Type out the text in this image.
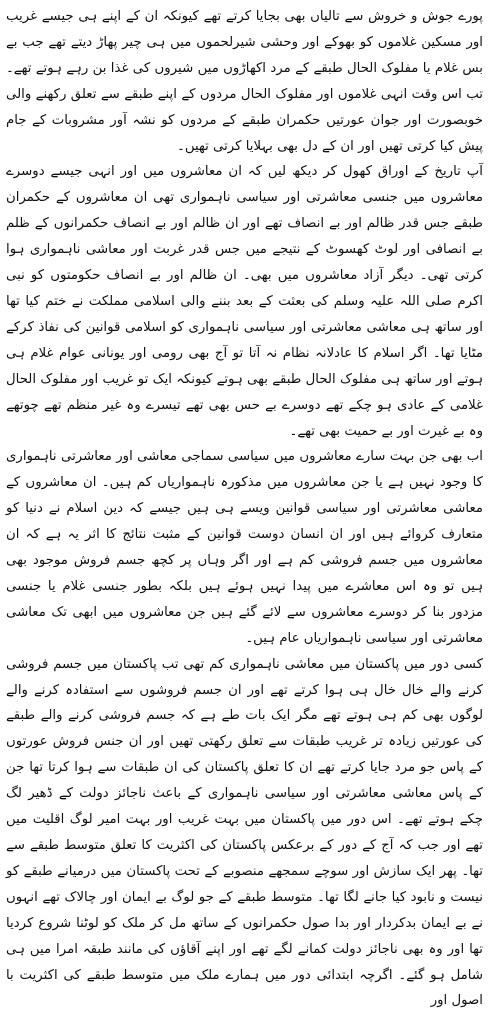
پورے جوش و خروش سے تالیاں بھی بجایا کرتے تھے کیونکہ ان کے اپنے ہی جیسے غریب اور مسکین غلاموں کو بھوکے اور وحشی شیرلحموں میں ہی چیر پھاڑ دیتے تھے جب بے بس غلام یا مفلوک الحال طبقے کے مرد اکھاڑوں میں شیروں کی غذا بن رہے ہوتے تھے۔ تب اس وقت انہی غلاموں اور مفلوک الحال مردوں کے اپنے طبقے سے تعلق رکھنے والی خوبصورت اور جوان عورتیں حکمران طبقے کے مردوں کو نشہ آور مشروبات کے جام پیش کیا کرتی تھیں اور ان کے دل بھی بہلایا کرتی تھیں۔

آپ تاریخ کے اوراق کھول کر دیکھ لیں کہ ان معاشروں میں اور انہی جیسے دوسرے معاشروں میں جنسی معاشرتی اور سیاسی ناہمواری تھی ان معاشروں کے حکمران طبقے جس قدر ظالم اور بے انصاف تھے اور ان ظالم اور بے انصاف حکمرانوں کے ظلم بے انصافی اور لوٹ کھسوٹ کے نتیجے میں جس قدر غربت اور معاشی ناہمواری ہوا کرتی تھی۔ دیگر آزاد معاشروں میں بھی۔ ان ظالم اور بے انصاف حکومتوں کو نبی اکرم صلی اللہ علیہ وسلم کی بعثت کے بعد بننے والی اسلامی مملکت نے ختم کیا تھا اور ساتھ ہی معاشی معاشرتی اور سیاسی ناہمواری کو اسلامی قوانین کی نفاذ کرکے مٹایا تھا۔ اگر اسلام کا عادلانہ نظام نہ آتا تو آج بھی رومی اور یونانی عوام غلام ہی ہوتے اور ساتھ ہی مفلوک الحال طبقے بھی ہوتے کیونکہ ایک تو غریب اور مفلوک الحال غلامی کے عادی ہو چکے تھے دوسرے بے حس بھی تھے تیسرے وہ غیر منظم تھے چوتھے وہ بے غیرت اور بے حمیت بھی تھے۔

اب بھی جن بہت سارے معاشروں میں سیاسی سماجی معاشی اور معاشرتی ناہمواری کا وجود نہیں ہے یا جن معاشروں میں مذکورہ ناہمواریاں کم ہیں۔ ان معاشروں کے معاشی معاشرتی اور سیاسی قوانین ویسے ہی ہیں جیسے کہ دین اسلام نے دنیا کو متعارف کروائے ہیں اور ان انسان دوست قوانین کے مثبت نتائج کا اثر یہ ہے کہ ان معاشروں میں جسم فروشی کم ہے اور اگر وہاں پر کچھ جسم فروش موجود بھی ہیں تو وہ اس معاشرے میں پیدا نہیں ہوئے ہیں بلکہ بطور جنسی غلام یا جنسی مزدور بنا کر دوسرے معاشروں سے لائے گئے ہیں جن معاشروں میں ابھی تک معاشی معاشرتی اور سیاسی ناہمواریاں عام ہیں۔

کسی دور میں پاکستان میں معاشی ناہمواری کم تھی تب پاکستان میں جسم فروشی کرنے والے خال خال ہی ہوا کرتے تھے اور ان جسم فروشوں سے استفادہ کرنے والے لوگوں بھی کم ہی ہوتے تھے مگر ایک بات طے ہے کہ جسم فروشی کرنے والے طبقے کی عورتیں زیادہ تر غریب طبقات سے تعلق رکھتی تھیں اور ان جنس فروش عورتوں کے پاس جو مرد جایا کرتے تھے ان کا تعلق پاکستان کی ان طبقات سے ہوا کرتا تھا جن کے پاس معاشی معاشرتی اور سیاسی ناہمواری کے باعث ناجائز دولت کے ڈھیر لگ چکے ہوتے تھے۔ اس دور میں پاکستان میں بہت غریب اور بہت امیر لوگ اقلیت میں تھے اور جب کہ آج کے دور کے برعکس پاکستان کی اکثریت کا تعلق متوسط طبقے سے تھا۔ پھر ایک سازش اور سوچے سمجھے منصوبے کے تحت پاکستان میں درمیانے طبقے کو نیست و نابود کیا جانے لگا تھا۔ متوسط طبقے کے جو لوگ بے ایمان اور چالاک تھے انہوں نے بے ایمان بدکردار اور بدا صول حکمرانوں کے ساتھ مل کر ملک کو لوٹنا شروع کردیا تھا اور وہ بھی ناجائز دولت کمانے لگے تھے اور اپنے آقاؤں کی مانند طبقہ امرا میں ہی شامل ہو گئے۔ اگرچہ ابتدائی دور میں ہمارے ملک میں متوسط طبقے کی اکثریت با اصول اور
